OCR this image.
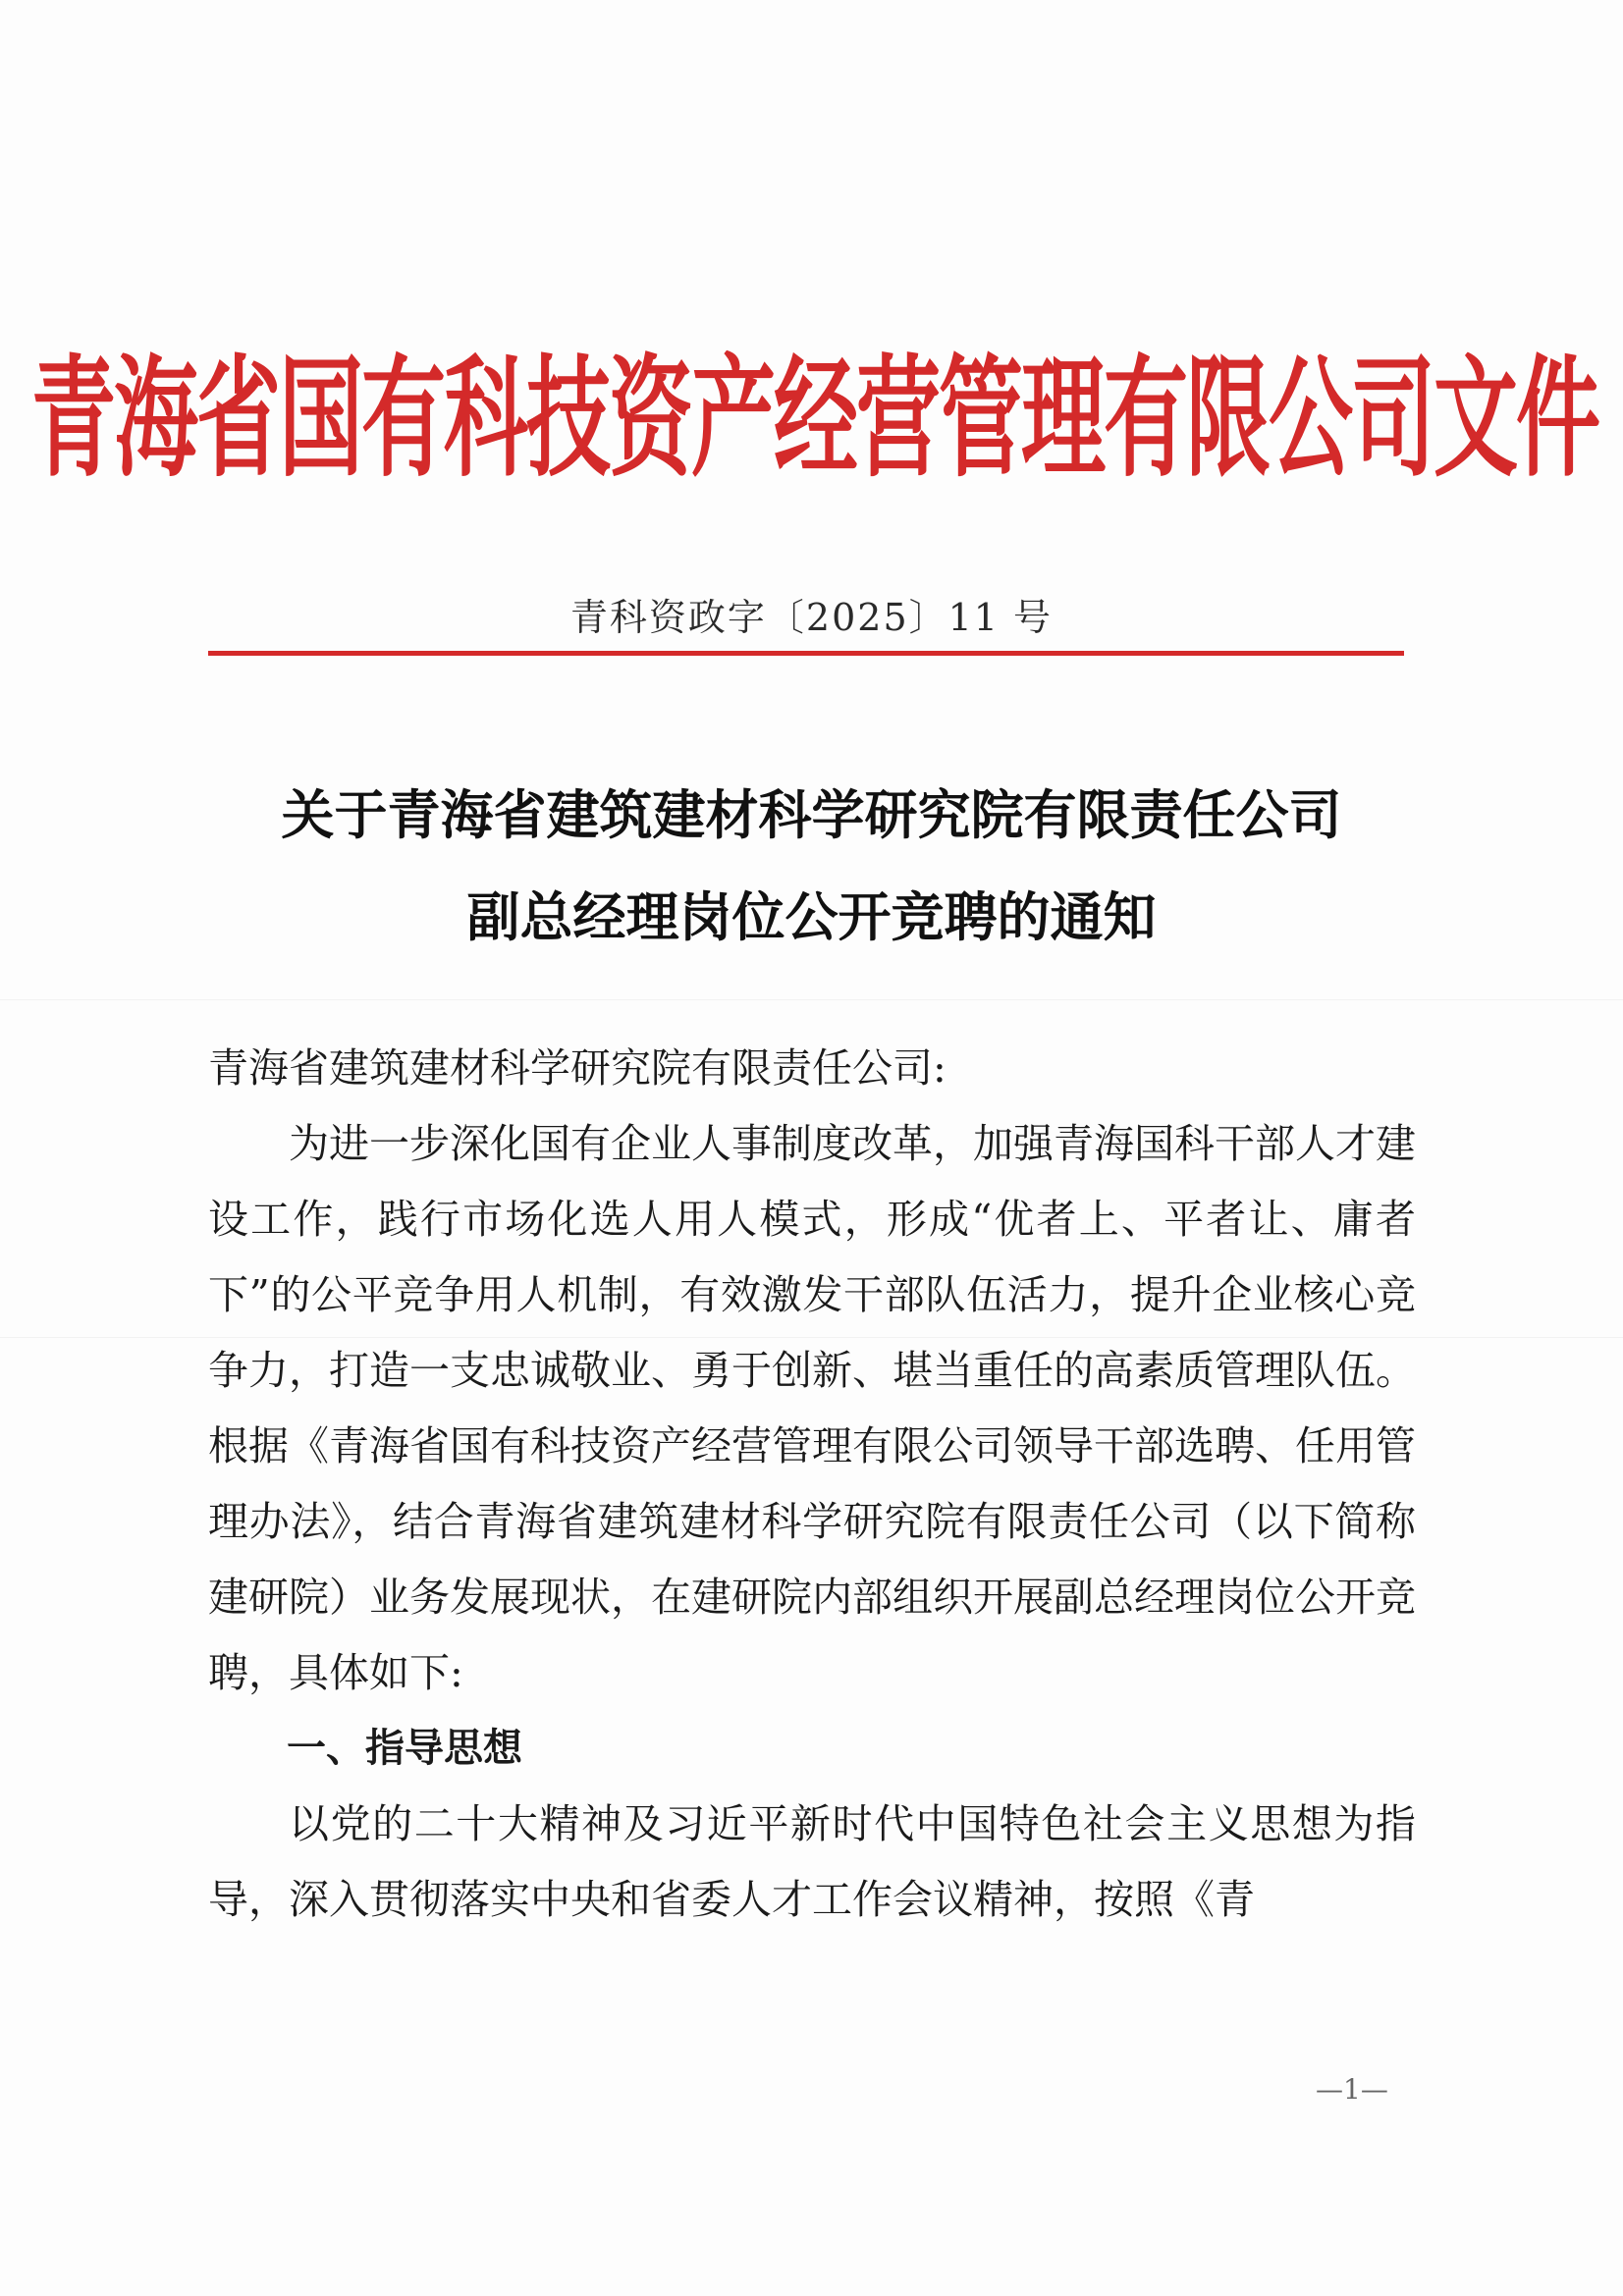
青海省国有科技资产经营管理有限公司文件
青科资政字〔2025〕11 号
关于青海省建筑建材科学研究院有限责任公司
副总经理岗位公开竞聘的通知

青海省建筑建材科学研究院有限责任公司:

为进一步深化国有企业人事制度改革，加强青海国科干部人才建设工作，践行市场化选人用人模式，形成“优者上、平者让、庸者下”的公平竞争用人机制，有效激发干部队伍活力，提升企业核心竞争力，打造一支忠诚敬业、勇于创新、堪当重任的高素质管理队伍。根据《青海省国有科技资产经营管理有限公司领导干部选聘、任用管理办法》，结合青海省建筑建材科学研究院有限责任公司（以下简称建研院）业务发展现状，在建研院内部组织开展副总经理岗位公开竞聘，具体如下:

一、指导思想

以党的二十大精神及习近平新时代中国特色社会主义思想为指导，深入贯彻落实中央和省委人才工作会议精神，按照《青

—1—
